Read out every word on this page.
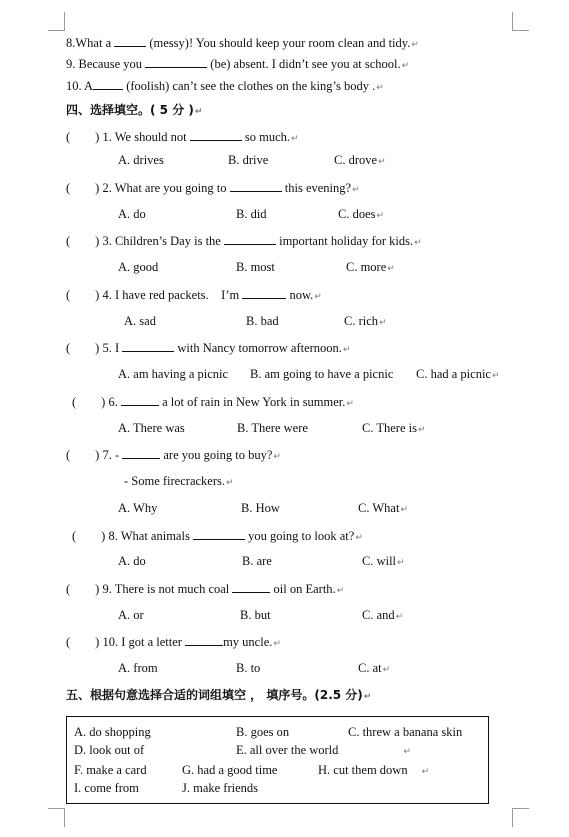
8.What a	(messy)! You should keep your room clean and tidy.↵
9. Because you	(be) absent. I didn’t see you at school.↵
10. A	(foolish) can’t see the clothes on the king’s body .↵
四、选择填空。( 5 分 )↵
(        ) 1. We should not	so much.↵
A. drives	B. drive	C. drove↵
(        ) 2. What are you going to	this evening?↵
A. do	B. did	C. does↵
(        ) 3. Children’s Day is the	important holiday for kids.↵
A. good	B. most	C. more↵
(        ) 4. I have red packets.    I’m	now.↵
A. sad	B. bad	C. rich↵
(        ) 5. I	with Nancy tomorrow afternoon.↵
A. am having a picnic B. am going to have a picnic C. had a picnic↵
(        ) 6.	a lot of rain in New York in summer.↵
A. There was	B. There were	C. There is↵
(        ) 7. -	are you going to buy?↵
- Some firecrackers.↵
A. Why	B. How	C. What↵
(        ) 8. What animals	you going to look at?↵
A. do	B. are	C. will↵
(        ) 9. There is not much coal	oil on Earth.↵
A. or	B. but	C. and↵
(        ) 10. I got a letter	my uncle.↵
A. from	B. to	C. at↵
五、根据句意选择合适的词组填空 ， 填序号。(2.5 分)↵
A. do shopping	B. goes on	C. threw a banana skin
D. look out of	E. all over the world	↵
F. make a card	G. had a good time	H. cut them down ↵
I. come from	J. make friends
